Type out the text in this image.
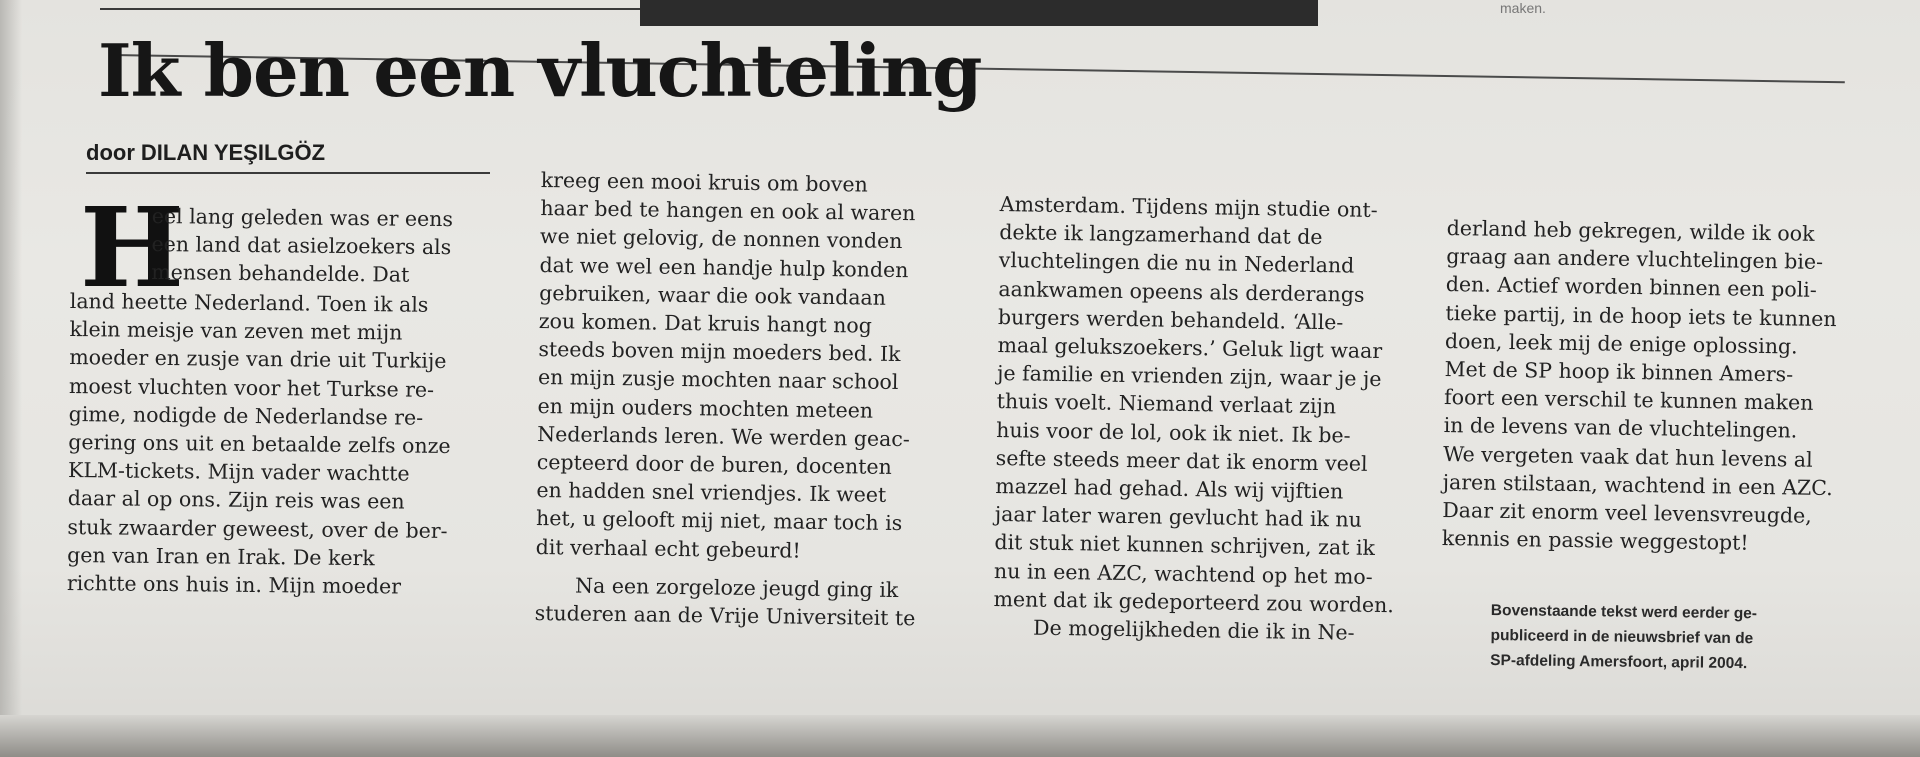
maken.
Ik ben een vluchteling
door DILAN YEŞILGÖZ
H
eel lang geleden was er eens
een land dat asielzoekers als
mensen behandelde. Dat
land heette Nederland. Toen ik als
klein meisje van zeven met mijn
moeder en zusje van drie uit Turkije
moest vluchten voor het Turkse re-
gime, nodigde de Nederlandse re-
gering ons uit en betaalde zelfs onze
KLM-tickets. Mijn vader wachtte
daar al op ons. Zijn reis was een
stuk zwaarder geweest, over de ber-
gen van Iran en Irak. De kerk
richtte ons huis in. Mijn moeder
kreeg een mooi kruis om boven
haar bed te hangen en ook al waren
we niet gelovig, de nonnen vonden
dat we wel een handje hulp konden
gebruiken, waar die ook vandaan
zou komen. Dat kruis hangt nog
steeds boven mijn moeders bed. Ik
en mijn zusje mochten naar school
en mijn ouders mochten meteen
Nederlands leren. We werden geac-
cepteerd door de buren, docenten
en hadden snel vriendjes. Ik weet
het, u gelooft mij niet, maar toch is
dit verhaal echt gebeurd!
Na een zorgeloze jeugd ging ik
studeren aan de Vrije Universiteit te
Amsterdam. Tijdens mijn studie ont-
dekte ik langzamerhand dat de
vluchtelingen die nu in Nederland
aankwamen opeens als derderangs
burgers werden behandeld. ‘Alle-
maal gelukszoekers.’ Geluk ligt waar
je familie en vrienden zijn, waar je je
thuis voelt. Niemand verlaat zijn
huis voor de lol, ook ik niet. Ik be-
sefte steeds meer dat ik enorm veel
mazzel had gehad. Als wij vijftien
jaar later waren gevlucht had ik nu
dit stuk niet kunnen schrijven, zat ik
nu in een AZC, wachtend op het mo-
ment dat ik gedeporteerd zou worden.
De mogelijkheden die ik in Ne-
derland heb gekregen, wilde ik ook
graag aan andere vluchtelingen bie-
den. Actief worden binnen een poli-
tieke partij, in de hoop iets te kunnen
doen, leek mij de enige oplossing.
Met de SP hoop ik binnen Amers-
foort een verschil te kunnen maken
in de levens van de vluchtelingen.
We vergeten vaak dat hun levens al
jaren stilstaan, wachtend in een AZC.
Daar zit enorm veel levensvreugde,
kennis en passie weggestopt!
Bovenstaande tekst werd eerder ge-
publiceerd in de nieuwsbrief van de
SP-afdeling Amersfoort, april 2004.
